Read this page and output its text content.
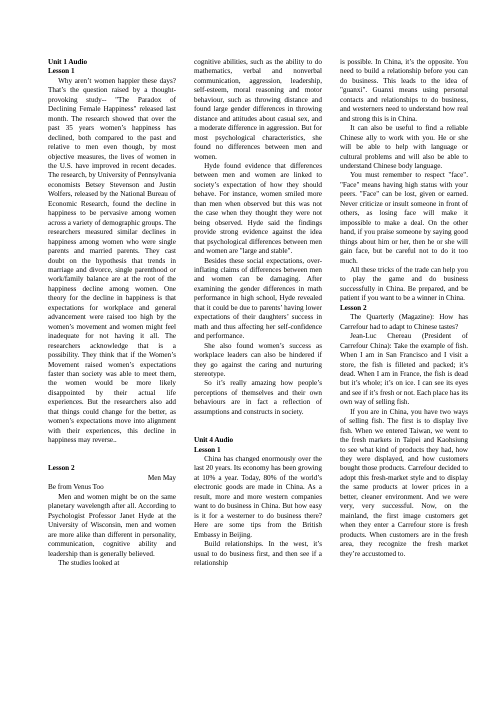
Unit 1 Audio
Lesson 1

Why aren’t women happier these days? That’s the question raised by a thought-provoking study-- "The Paradox of Declining Female Happiness" released last month. The research showed that over the past 35 years women’s happiness has declined, both compared to the past and relative to men even though, by most objective measures, the lives of women in the U.S. have improved in recent decades. The research, by University of Pennsylvania economists Betsey Stevenson and Justin Wolfers, released by the National Bureau of Economic Research, found the decline in happiness to be pervasive among women across a variety of demographic groups. The researchers measured similar declines in happiness among women who were single parents and married parents. They cast doubt on the hypothesis that trends in marriage and divorce, single parenthood or work/family balance are at the root of the happiness decline among women. One theory for the decline in happiness is that expectations for workplace and general advancement were raised too high by the women’s movement and women might feel inadequate for not having it all. The researchers acknowledge that is a possibility. They think that if the Women’s Movement raised women’s expectations faster than society was able to meet them, the women would be more likely disappointed by their actual life experiences. But the researchers also add that things could change for the better, as women’s expectations move into alignment with their experiences, this decline in happiness may reverse..

Lesson 2

Men May

Be from Venus Too

Men and women might be on the same planetary wavelength after all. According to Psychologist Professor Janet Hyde at the University of Wisconsin, men and women are more alike than different in personality, communication, cognitive ability and leadership than is generally believed.

The studies looked at

cognitive abilities, such as the ability to do mathematics, verbal and nonverbal communication, aggression, leadership, self-esteem, moral reasoning and motor behaviour, such as throwing distance and found large gender differences in throwing distance and attitudes about casual sex, and a moderate difference in aggression. But for most psychological characteristics, she found no differences between men and women.

Hyde found evidence that differences between men and women are linked to society’s expectation of how they should behave. For instance, women smiled more than men when observed but this was not the case when they thought they were not being observed. Hyde said the findings provide strong evidence against the idea that psychological differences between men and women are "large and stable".

Besides these social expectations, over-inflating claims of differences between men and women can be damaging. After examining the gender differences in math performance in high school, Hyde revealed that it could be due to parents’ having lower expectations of their daughters’ success in math and thus affecting her self-confidence and performance.

She also found women’s success as workplace leaders can also be hindered if they go against the caring and nurturing stereotype.

So it’s really amazing how people’s perceptions of themselves and their own behaviours are in fact a reflection of assumptions and constructs in society.

Unit 4 Audio
Lesson 1

China has changed enormously over the last 20 years. Its economy has been growing at 10% a year. Today, 80% of the world’s electronic goods are made in China. As a result, more and more western companies want to do business in China. But how easy is it for a westerner to do business there? Here are some tips from the British Embassy in Beijing.

Build relationships. In the west, it’s usual to do business first, and then see if a relationship

is possible. In China, it’s the opposite. You need to build a relationship before you can do business. This leads to the idea of "guanxi". Guanxi means using personal contacts and relationships to do business, and westerners need to understand how real and strong this is in China.

It can also be useful to find a reliable Chinese ally to work with you. He or she will be able to help with language or cultural problems and will also be able to understand Chinese body language.

You must remember to respect "face". "Face" means having high status with your peers. "Face" can be lost, given or earned. Never criticize or insult someone in front of others, as losing face will make it impossible to make a deal. On the other hand, if you praise someone by saying good things about him or her, then he or she will gain face, but be careful not to do it too much.

All these tricks of the trade can help you to play the game and do business successfully in China. Be prepared, and be patient if you want to be a winner in China.

Lesson 2

The Quarterly (Magazine): How has Carrefour had to adapt to Chinese tastes?

Jean-Luc Chereau (President of Carrefour China): Take the example of fish. When I am in San Francisco and I visit a store, the fish is filleted and packed; it’s dead. When I am in France, the fish is dead but it’s whole; it’s on ice. I can see its eyes and see if it’s fresh or not. Each place has its own way of selling fish.

If you are in China, you have two ways of selling fish. The first is to display live fish. When we entered Taiwan, we went to the fresh markets in Taipei and Kaohsiung to see what kind of products they had, how they were displayed, and how customers bought those products. Carrefour decided to adopt this fresh-market style and to display the same products at lower prices in a better, cleaner environment. And we were very, very successful. Now, on the mainland, the first image customers get when they enter a Carrefour store is fresh products. When customers are in the fresh area, they recognize the fresh market they’re accustomed to.
